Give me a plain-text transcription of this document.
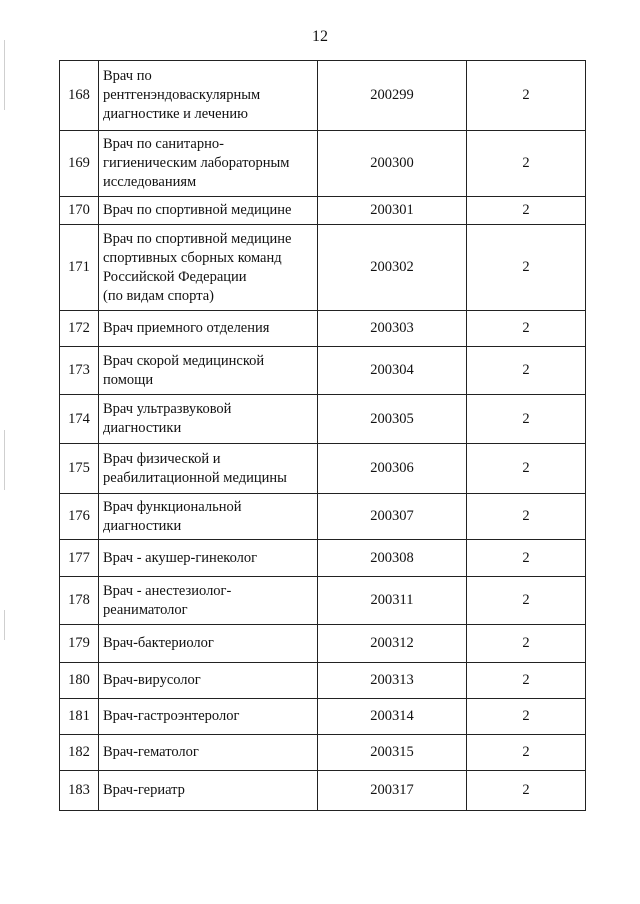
12
168	Врач по
рентгенэндоваскулярным
диагностике и лечению	200299	2
169	Врач по санитарно-
гигиеническим лабораторным
исследованиям	200300	2
170	Врач по спортивной медицине	200301	2
171	Врач по спортивной медицине
спортивных сборных команд
Российской Федерации
(по видам спорта)	200302	2
172	Врач приемного отделения	200303	2
173	Врач скорой медицинской
помощи	200304	2
174	Врач ультразвуковой
диагностики	200305	2
175	Врач физической и
реабилитационной медицины	200306	2
176	Врач функциональной
диагностики	200307	2
177	Врач - акушер-гинеколог	200308	2
178	Врач - анестезиолог-
реаниматолог	200311	2
179	Врач-бактериолог	200312	2
180	Врач-вирусолог	200313	2
181	Врач-гастроэнтеролог	200314	2
182	Врач-гематолог	200315	2
183	Врач-гериатр	200317	2
